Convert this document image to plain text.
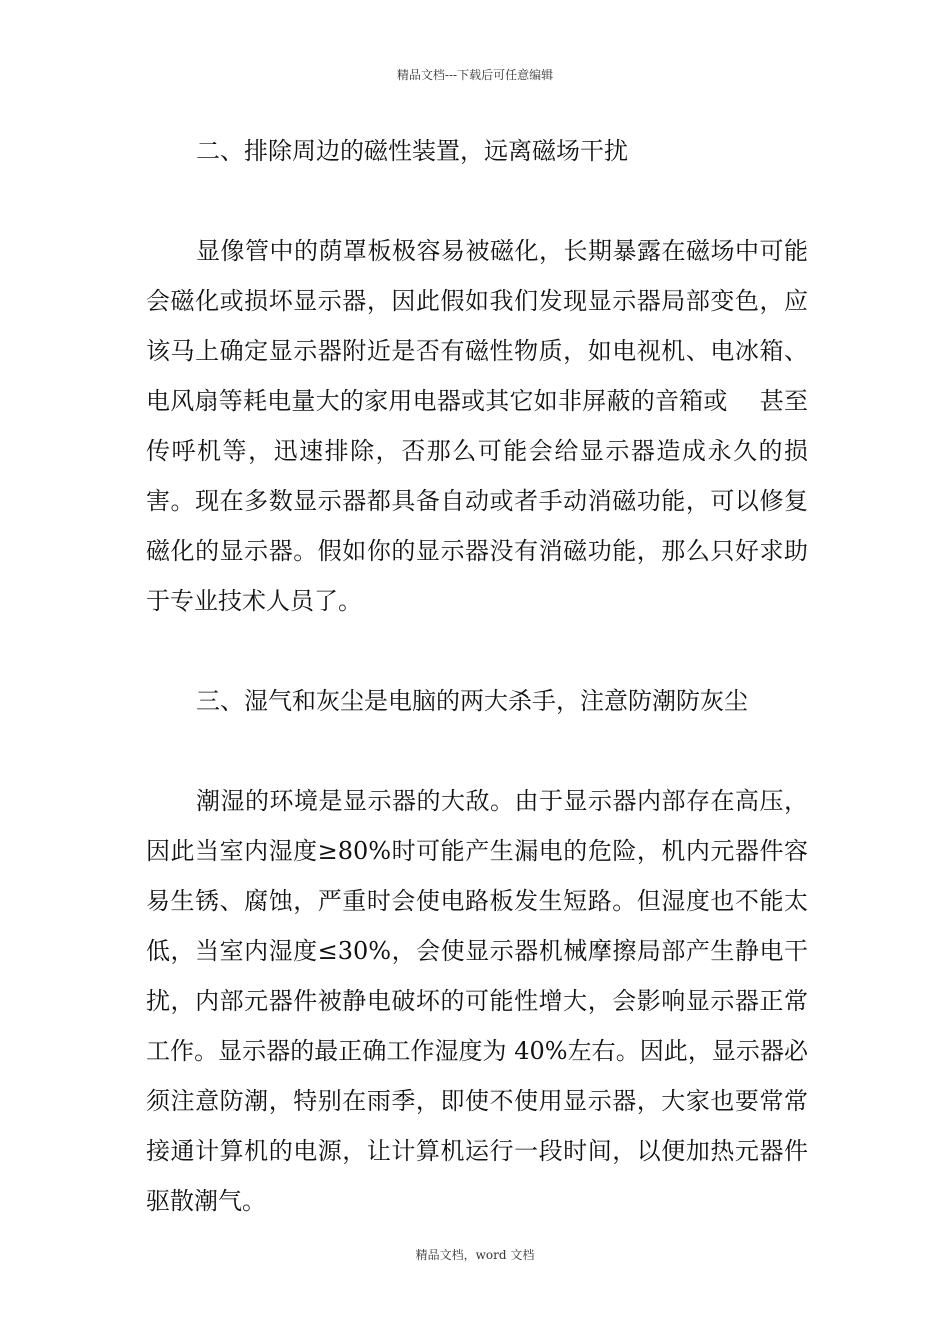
精品文档---下载后可任意编辑

二、排除周边的磁性装置，远离磁场干扰

显像管中的荫罩板极容易被磁化，长期暴露在磁场中可能会磁化或损坏显示器，因此假如我们发现显示器局部变色，应该马上确定显示器附近是否有磁性物质，如电视机、电冰箱、电风扇等耗电量大的家用电器或其它如非屏蔽的音箱或　 甚至传呼机等，迅速排除，否那么可能会给显示器造成永久的损害。现在多数显示器都具备自动或者手动消磁功能，可以修复磁化的显示器。假如你的显示器没有消磁功能，那么只好求助于专业技术人员了。

三、湿气和灰尘是电脑的两大杀手，注意防潮防灰尘

潮湿的环境是显示器的大敌。由于显示器内部存在高压，因此当室内湿度≥80%时可能产生漏电的危险，机内元器件容易生锈、腐蚀，严重时会使电路板发生短路。但湿度也不能太低，当室内湿度≤30%，会使显示器机械摩擦局部产生静电干扰，内部元器件被静电破坏的可能性增大，会影响显示器正常工作。显示器的最正确工作湿度为 40%左右。因此，显示器必须注意防潮，特别在雨季，即使不使用显示器，大家也要常常接通计算机的电源，让计算机运行一段时间，以便加热元器件驱散潮气。

精品文档，word 文档
